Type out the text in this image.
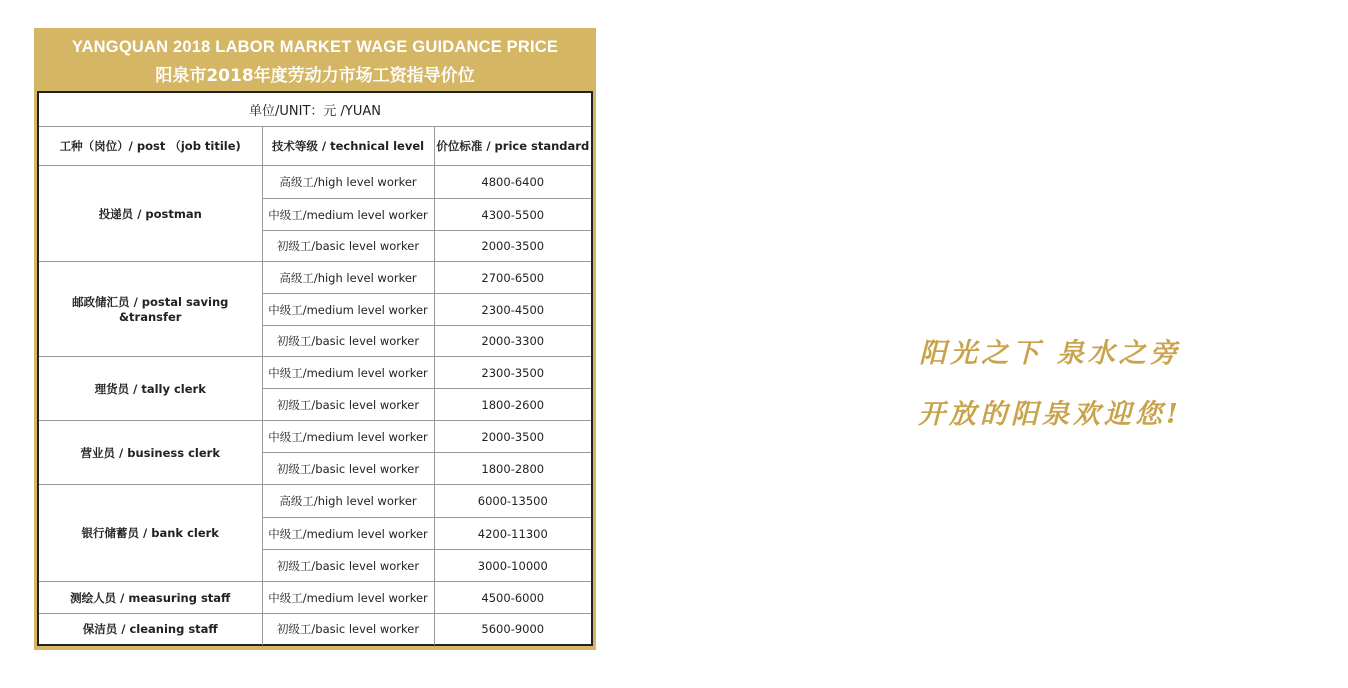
YANGQUAN 2018 LABOR MARKET WAGE GUIDANCE PRICE
阳泉市2018年度劳动力市场工资指导价位
单位/UNIT：元 /YUAN		
工种（岗位）/ post （job titile)	技术等级 / technical level	价位标准 / price standard
投递员 / postman	高级工/high level worker	4800-6400
	中级工/medium level worker	4300-5500
	初级工/basic level worker	2000-3500
邮政储汇员 / postal saving &transfer	高级工/high level worker	2700-6500
	中级工/medium level worker	2300-4500
	初级工/basic level worker	2000-3300
理货员 / tally clerk	中级工/medium level worker	2300-3500
	初级工/basic level worker	1800-2600
营业员 / business clerk	中级工/medium level worker	2000-3500
	初级工/basic level worker	1800-2800
银行储蓄员 / bank clerk	高级工/high level worker	6000-13500
	中级工/medium level worker	4200-11300
	初级工/basic level worker	3000-10000
测绘人员 / measuring staff	中级工/medium level worker	4500-6000
保洁员 / cleaning staff	初级工/basic level worker	5600-9000
阳光之下 泉水之旁
开放的阳泉欢迎您!
